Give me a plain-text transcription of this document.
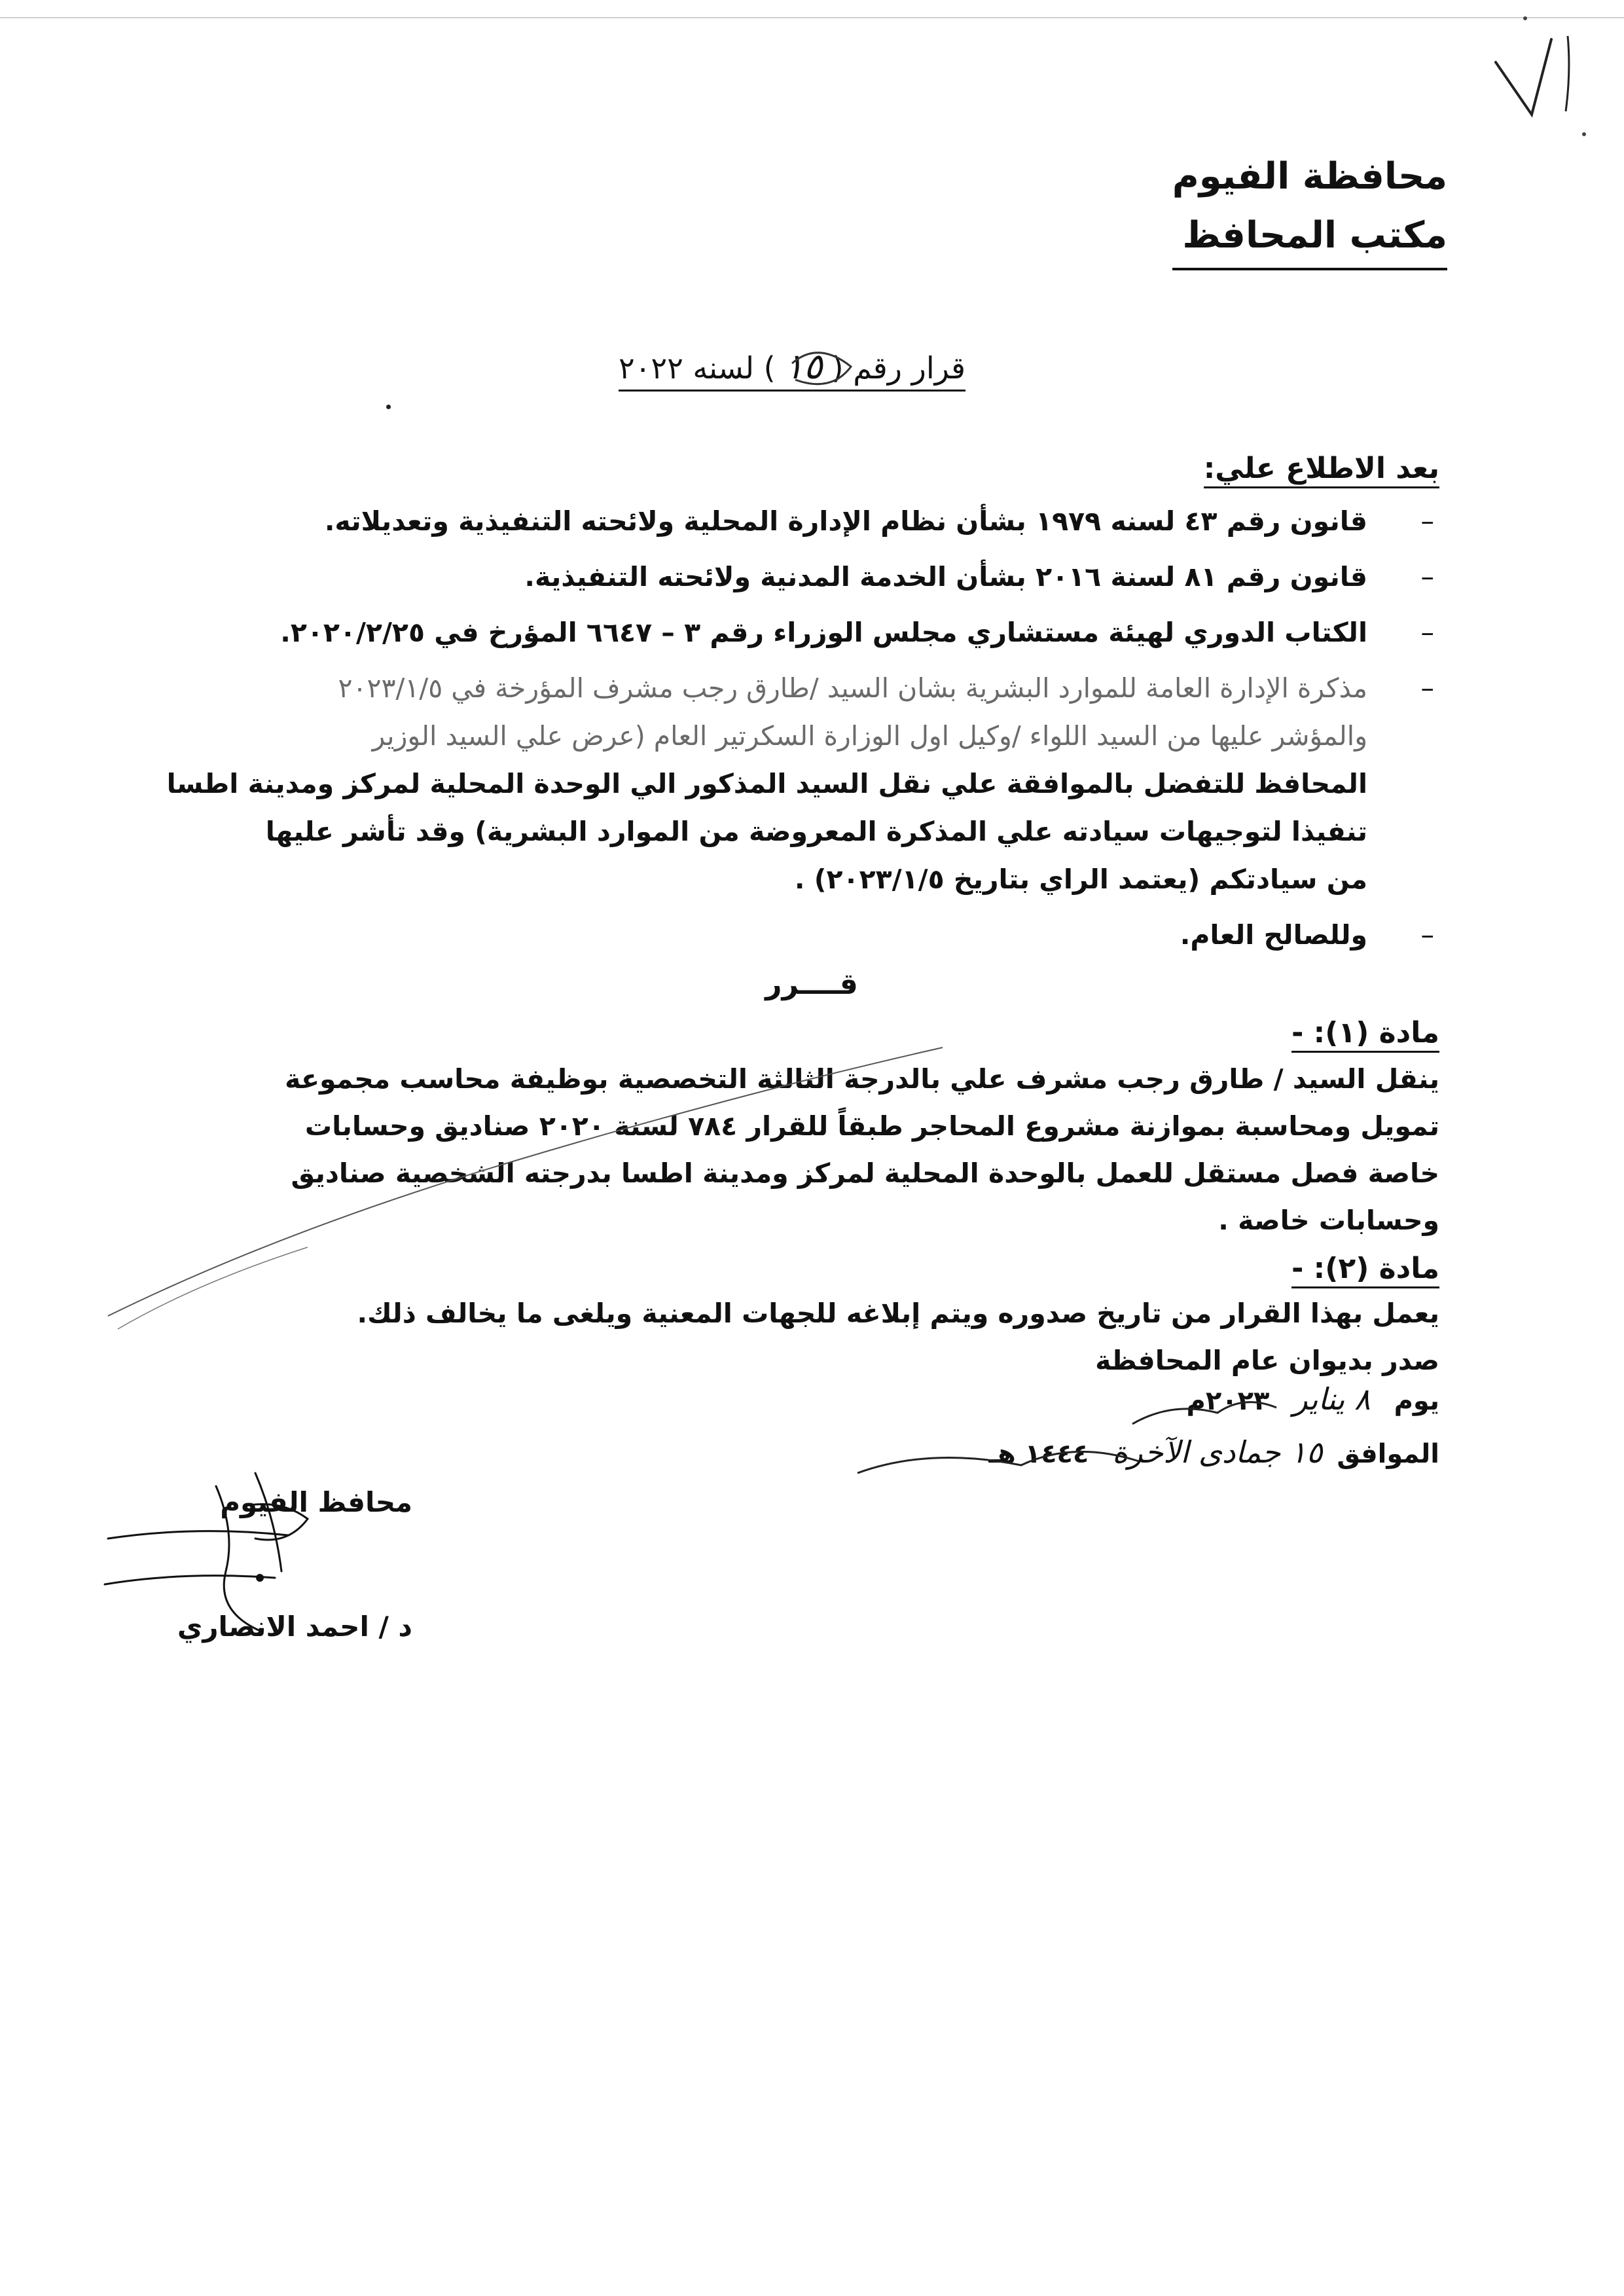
محافظة الفيوم
مكتب المحافظ
قرار رقم (١٥) لسنه ٢٠٢٢
بعد الاطلاع علي:
– قانون رقم ٤٣ لسنه ١٩٧٩ بشأن نظام الإدارة المحلية ولائحته التنفيذية وتعديلاته.
– قانون رقم ٨١ لسنة ٢٠١٦ بشأن الخدمة المدنية ولائحته التنفيذية.
– الكتاب الدوري لهيئة مستشاري مجلس الوزراء رقم ٣ – ٦٦٤٧ المؤرخ في ٢٠٢٠/٢/٢٥.
– مذكرة الإدارة العامة للموارد البشرية بشان السيد /طارق رجب مشرف المؤرخة في ٢٠٢٣/١/٥
والمؤشر عليها من السيد اللواء /وكيل اول الوزارة السكرتير العام (عرض علي السيد الوزير
المحافظ للتفضل بالموافقة علي نقل السيد المذكور الي الوحدة المحلية لمركز ومدينة اطسا
تنفيذا لتوجيهات سيادته علي المذكرة المعروضة من الموارد البشرية) وقد تأشر عليها
من سيادتكم (يعتمد الراي بتاريخ ٢٠٢٣/١/٥) .
– وللصالح العام.
قــــرر
مادة (١): -
ينقل السيد / طارق رجب مشرف علي بالدرجة الثالثة التخصصية بوظيفة محاسب مجموعة
تمويل ومحاسبة بموازنة مشروع المحاجر طبقاً للقرار ٧٨٤ لسنة ٢٠٢٠ صناديق وحسابات
خاصة فصل مستقل للعمل بالوحدة المحلية لمركز ومدينة اطسا بدرجته الشخصية صناديق
وحسابات خاصة .
مادة (٢): -
يعمل بهذا القرار من تاريخ صدوره ويتم إبلاغه للجهات المعنية ويلغى ما يخالف ذلك.
صدر بديوان عام المحافظة
يوم ٨ يناير ٢٠٢٣م
الموافق١٥ جمادى الآخرة ١٤٤٤ هـ
محافظ الفيوم
د / احمد الانصاري
